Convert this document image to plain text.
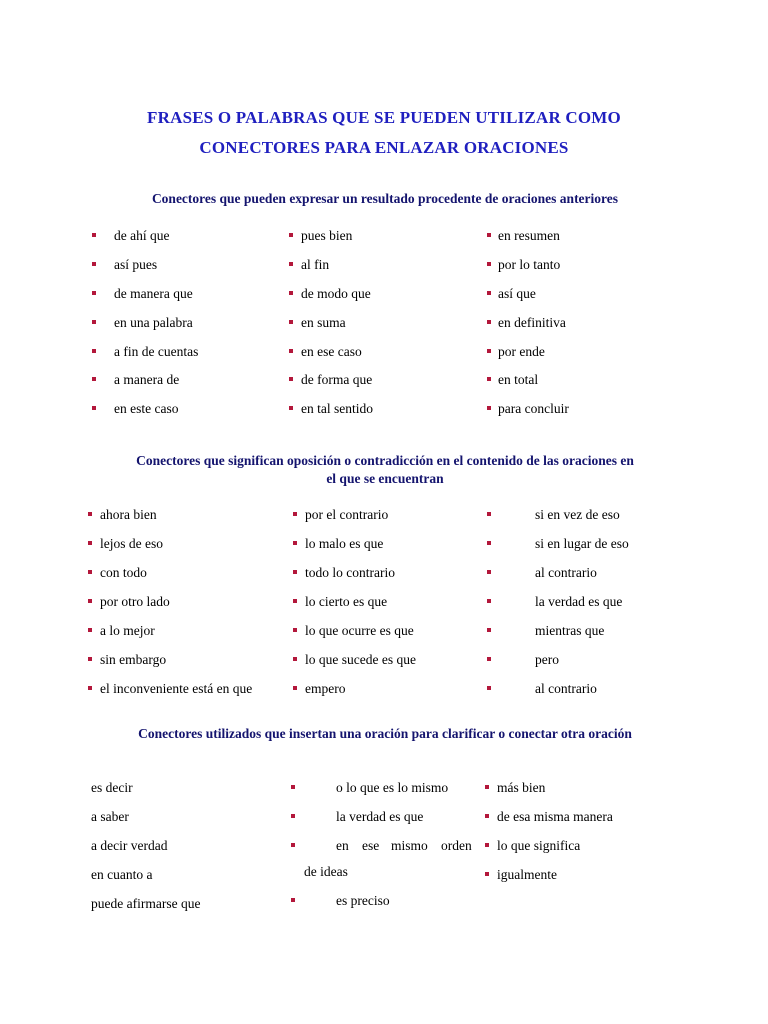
FRASES O PALABRAS QUE SE PUEDEN UTILIZAR COMO
CONECTORES PARA ENLAZAR ORACIONES
Conectores que pueden expresar un resultado procedente de oraciones anteriores
de ahí que
así pues
de manera que
en una palabra
a fin de cuentas
a manera de
en este caso
pues bien
al fin
de modo que
en suma
en ese caso
de forma que
en tal sentido
en resumen
por lo tanto
así que
en definitiva
por ende
en total
para concluir
Conectores que significan oposición o contradicción en el contenido de las oraciones en
el que se encuentran
ahora bien
lejos de eso
con todo
por otro lado
a lo mejor
sin embargo
el inconveniente está en que
por el contrario
lo malo es que
todo lo contrario
lo cierto es que
lo que ocurre es que
lo que sucede es que
empero
si en vez de eso
si en lugar de eso
al contrario
la verdad es que
mientras que
pero
al contrario
Conectores utilizados que insertan una oración para clarificar o conectar otra oración
es decir
a saber
a decir verdad
en cuanto a
puede afirmarse que
o lo que es lo mismo
la verdad es que
en ese mismo orden
de ideas
es preciso
más bien
de esa misma manera
lo que significa
igualmente
